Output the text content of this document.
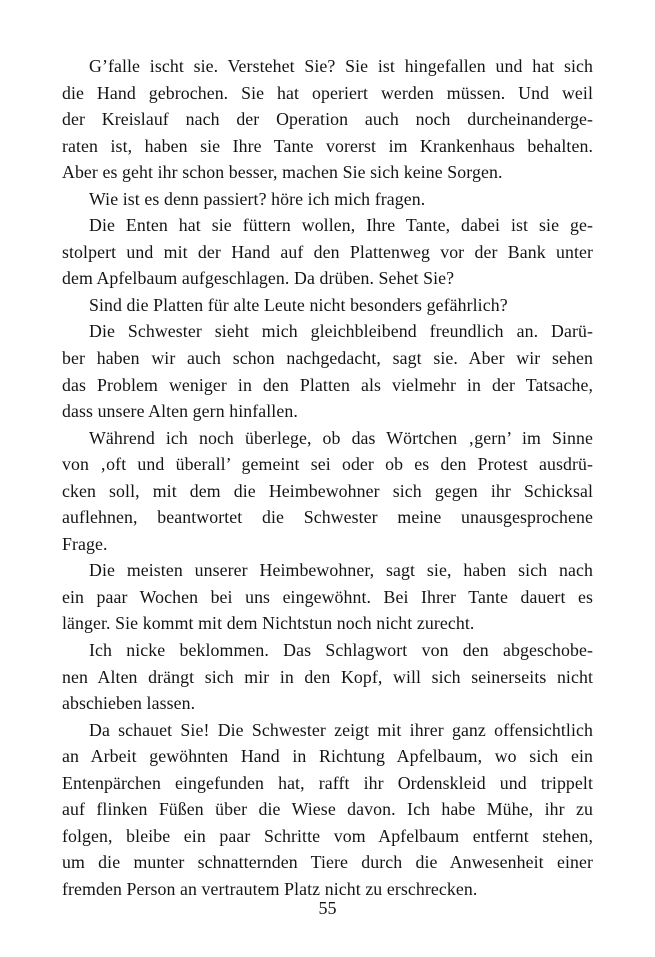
G’falle ischt sie. Verstehet Sie? Sie ist hingefallen und hat sich
die Hand gebrochen. Sie hat operiert werden müssen. Und weil
der Kreislauf nach der Operation auch noch durcheinanderge-
raten ist, haben sie Ihre Tante vorerst im Krankenhaus behalten.
Aber es geht ihr schon besser, machen Sie sich keine Sorgen.
Wie ist es denn passiert? höre ich mich fragen.
Die Enten hat sie füttern wollen, Ihre Tante, dabei ist sie ge-
stolpert und mit der Hand auf den Plattenweg vor der Bank unter
dem Apfelbaum aufgeschlagen. Da drüben. Sehet Sie?
Sind die Platten für alte Leute nicht besonders gefährlich?
Die Schwester sieht mich gleichbleibend freundlich an. Darü-
ber haben wir auch schon nachgedacht, sagt sie. Aber wir sehen
das Problem weniger in den Platten als vielmehr in der Tatsache,
dass unsere Alten gern hinfallen.
Während ich noch überlege, ob das Wörtchen ‚gern’ im Sinne
von ‚oft und überall’ gemeint sei oder ob es den Protest ausdrü-
cken soll, mit dem die Heimbewohner sich gegen ihr Schicksal
auflehnen, beantwortet die Schwester meine unausgesprochene
Frage.
Die meisten unserer Heimbewohner, sagt sie, haben sich nach
ein paar Wochen bei uns eingewöhnt. Bei Ihrer Tante dauert es
länger. Sie kommt mit dem Nichtstun noch nicht zurecht.
Ich nicke beklommen. Das Schlagwort von den abgeschobe-
nen Alten drängt sich mir in den Kopf, will sich seinerseits nicht
abschieben lassen.
Da schauet Sie! Die Schwester zeigt mit ihrer ganz offensichtlich
an Arbeit gewöhnten Hand in Richtung Apfelbaum, wo sich ein
Entenpärchen eingefunden hat, rafft ihr Ordenskleid und trippelt
auf flinken Füßen über die Wiese davon. Ich habe Mühe, ihr zu
folgen, bleibe ein paar Schritte vom Apfelbaum entfernt stehen,
um die munter schnatternden Tiere durch die Anwesenheit einer
fremden Person an vertrautem Platz nicht zu erschrecken.
55
